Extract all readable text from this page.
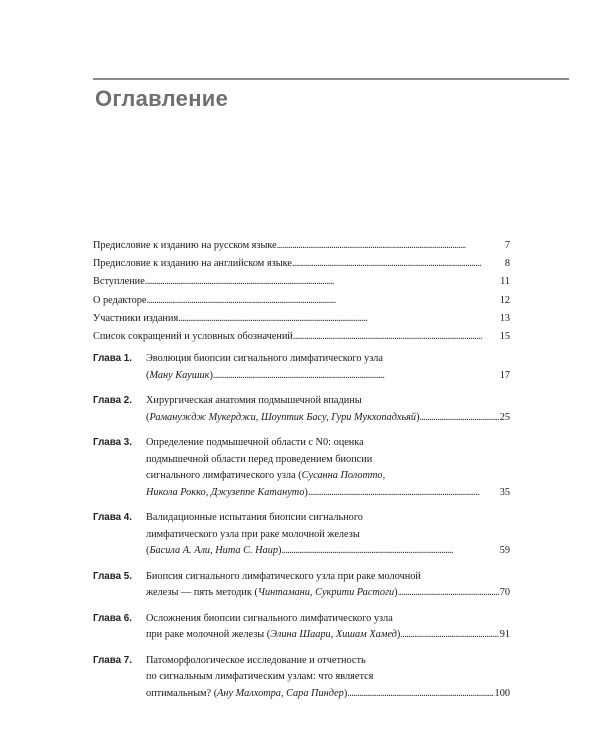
Оглавление
Предисловие к изданию на русском языке . . .	7
Предисловие к изданию на английском языке . . .	8
Вступление . . .	11
О редакторе . . .	12
Участники издания . . .	13
Список сокращений и условных обозначений . . .	15
Глава 1.	Эволюция биопсии сигнального лимфатического узла
(Ману Каушик) . . .	17
Глава 2.	Хирургическая анатомия подмышечной впадины
(Рамануждж Мукерджи, Шоуптик Басу, Гури Мукхопадхьяй) . . .	25
Глава 3.	Определение подмышечной области с N0: оценка
подмышечной области перед проведением биопсии
сигнального лимфатического узла (Сусанна Полотто,
Никола Рокко, Джузеппе Катануто) . . .	35
Глава 4.	Валидационные испытания биопсии сигнального
лимфатического узла при раке молочной железы
(Басила А. Али, Нита С. Наир) . . .	59
Глава 5.	Биопсия сигнального лимфатического узла при раке молочной
железы — пять методик (Чинтамани, Сукрити Растоги) . . .	70
Глава 6.	Осложнения биопсии сигнального лимфатического узла
при раке молочной железы (Элина Шаари, Хишам Хамед) . . .	91
Глава 7.	Патоморфологическое исследование и отчетность
по сигнальным лимфатическим узлам: что является
оптимальным? (Ану Малхотра, Сара Пиндер) . . .	100
